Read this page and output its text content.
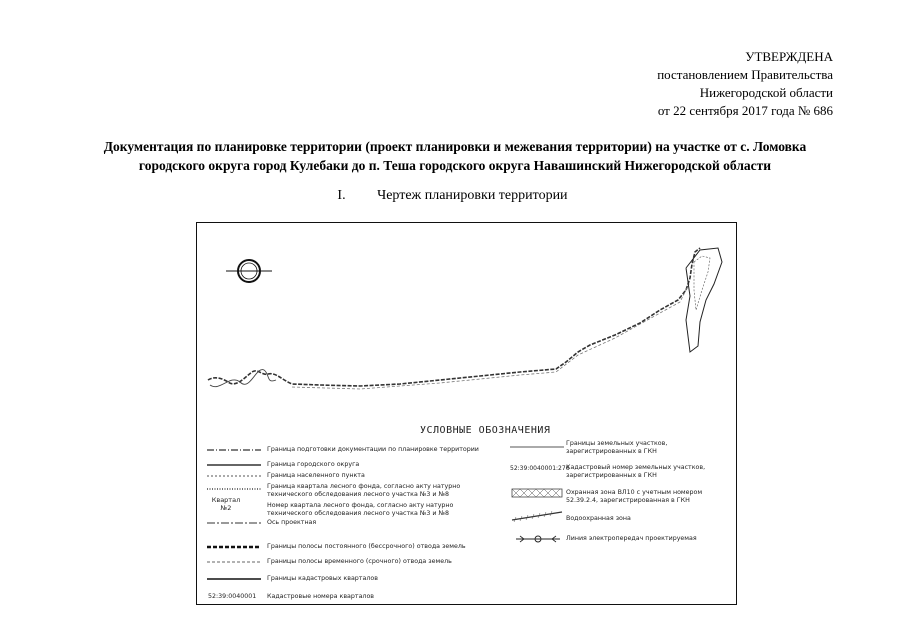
УТВЕРЖДЕНА
постановлением Правительства
Нижегородской области
от 22 сентября 2017 года № 686
Документация по планировке территории (проект планировки и межевания территории) на участке от с. Ломовка
городского округа город Кулебаки до п. Теша городского округа Навашинский Нижегородской области
I. Чертеж планировки территории
УСЛОВНЫЕ ОБОЗНАЧЕНИЯ
Квартал
№2
52:39:0040001
Граница подготовки документации по планировке территории
Граница городского округа
Граница населенного пункта
Граница квартала лесного фонда, согласно акту натурно технического обследования лесного участка №3 и №8
Номер квартала лесного фонда, согласно акту натурно технического обследования лесного участка №3 и №8
Ось проектная
Границы полосы постоянного (бессрочного) отвода земель
Границы полосы временного (срочного) отвода земель
Границы кадастровых кварталов
Кадастровые номера кварталов
52:39:0040001:276
Границы земельных участков, зарегистрированных в ГКН
Кадастровый номер земельных участков, зарегистрированных в ГКН
Охранная зона ВЛ10 с учетным номером 52.39.2.4, зарегистрированная в ГКН
Водоохранная зона
Линия электропередач проектируемая
